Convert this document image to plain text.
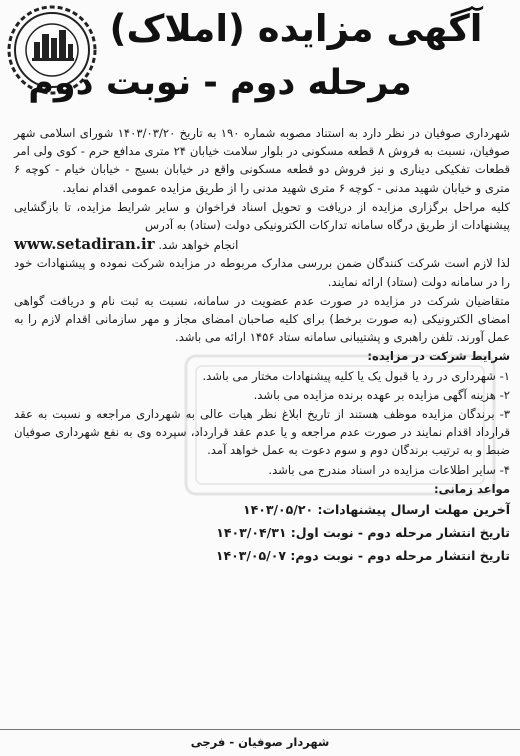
آگهی مزایده (املاک)
مرحله دوم - نوبت دوم

شهرداری صوفیان در نظر دارد به استناد مصوبه شماره ۱۹۰ به تاریخ ۱۴۰۳/۰۳/۲۰ شورای اسلامی شهر صوفیان، نسبت به فروش ۸ قطعه مسکونی در بلوار سلامت خیابان ۲۴ متری مدافع حرم - کوی ولی امر قطعات تفکیکی دیناری و نیز فروش دو قطعه مسکونی واقع در خیابان بسیج - خیابان خیام - کوچه ۶ متری و خیابان شهید مدنی - کوچه ۶ متری شهید مدنی را از طریق مزایده عمومی اقدام نماید.

کلیه مراحل برگزاری مزایده از دریافت و تحویل اسناد فراخوان و سایر شرایط مزایده، تا بازگشایی پیشنهادات از طریق درگاه سامانه تدارکات الکترونیکی دولت (ستاد) به آدرس

www.setadiran.ir انجام خواهد شد.

لذا لازم است شرکت کنندگان ضمن بررسی مدارک مربوطه در مزایده شرکت نموده و پیشنهادات خود را در سامانه دولت (ستاد) ارائه نمایند.

متقاضیان شرکت در مزایده در صورت عدم عضویت در سامانه، نسبت به ثبت نام و دریافت گواهی امضای الکترونیکی (به صورت برخط) برای کلیه صاحبان امضای مجاز و مهر سازمانی اقدام لازم را به عمل آورند. تلفن راهبری و پشتیبانی سامانه ستاد ۱۴۵۶ ارائه می باشد.

شرایط شرکت در مزایده:

۱- شهرداری در رد یا قبول یک یا کلیه پیشنهادات مختار می باشد.

۲- هزینه آگهی مزایده بر عهده برنده مزایده می باشد.

۳- برندگان مزایده موظف هستند از تاریخ ابلاغ نظر هیات عالی به شهرداری مراجعه و نسبت به عقد قرارداد اقدام نمایند در صورت عدم مراجعه و یا عدم عقد قرارداد، سپرده وی به نفع شهرداری صوفیان ضبط و به ترتیب برندگان دوم و سوم دعوت به عمل خواهد آمد.

۴- سایر اطلاعات مزایده در اسناد مندرج می باشد.

مواعد زمانی:

آخرین مهلت ارسال پیشنهادات: ۱۴۰۳/۰۵/۲۰

تاریخ انتشار مرحله دوم - نوبت اول: ۱۴۰۳/۰۴/۳۱

تاریخ انتشار مرحله دوم - نوبت دوم: ۱۴۰۳/۰۵/۰۷

شهردار صوفیان - فرجی
